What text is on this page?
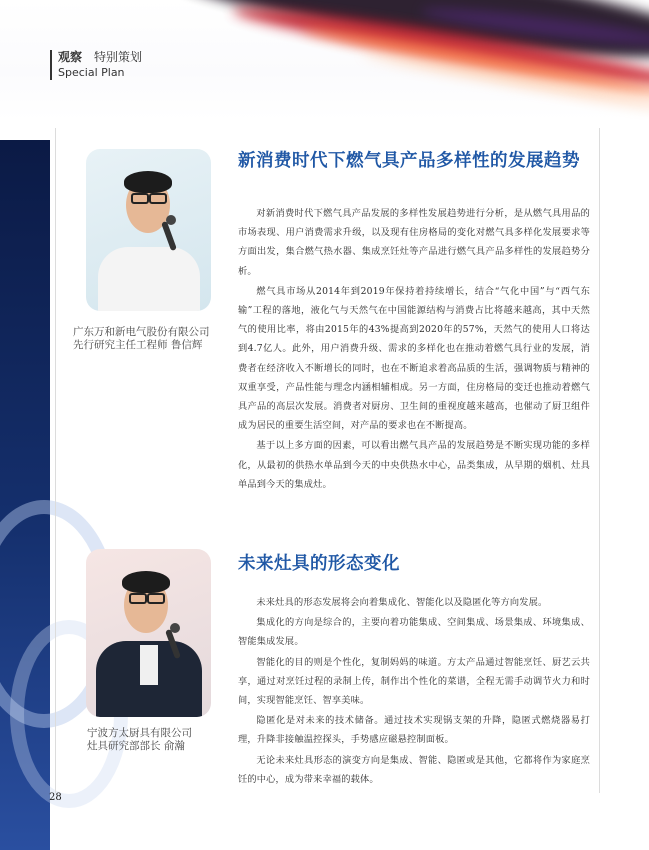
观察 特别策划
Special Plan
广东万和新电气股份有限公司
先行研究主任工程师 鲁信辉
宁波方太厨具有限公司
灶具研究部部长 俞瀚
新消费时代下燃气具产品多样性的发展趋势

对新消费时代下燃气具产品发展的多样性发展趋势进行分析，是从燃气具用品的市场表现、用户消费需求升级，以及现有住房格局的变化对燃气具多样化发展要求等方面出发，集合燃气热水器、集成烹饪灶等产品进行燃气具产品多样性的发展趋势分析。

燃气具市场从2014年到2019年保持着持续增长，结合“气化中国”与“西气东输”工程的落地，液化气与天然气在中国能源结构与消费占比将越来越高，其中天然气的使用比率，将由2015年的43%提高到2020年的57%，天然气的使用人口将达到4.7亿人。此外，用户消费升级、需求的多样化也在推动着燃气具行业的发展，消费者在经济收入不断增长的同时，也在不断追求着高品质的生活，强调物质与精神的双重享受，产品性能与理念内涵相辅相成。另一方面，住房格局的变迁也推动着燃气具产品的高层次发展。消费者对厨房、卫生间的重视度越来越高，也催动了厨卫组件成为居民的重要生活空间，对产品的要求也在不断提高。

基于以上多方面的因素，可以看出燃气具产品的发展趋势是不断实现功能的多样化，从最初的供热水单品到今天的中央供热水中心，品类集成，从早期的烟机、灶具单品到今天的集成灶。

未来灶具的形态变化

未来灶具的形态发展将会向着集成化、智能化以及隐匿化等方向发展。

集成化的方向是综合的，主要向着功能集成、空间集成、场景集成、环境集成、智能集成发展。

智能化的目的则是个性化，复制妈妈的味道。方太产品通过智能烹饪、厨艺云共享，通过对烹饪过程的录制上传，制作出个性化的菜谱，全程无需手动调节火力和时间，实现智能烹饪、智享美味。

隐匿化是对未来的技术储备。通过技术实现锅支架的升降，隐匿式燃烧器易打理，升降非接触温控探头，手势感应磁悬控制面板。

无论未来灶具形态的演变方向是集成、智能、隐匿或是其他，它都将作为家庭烹饪的中心，成为带来幸福的载体。

28
